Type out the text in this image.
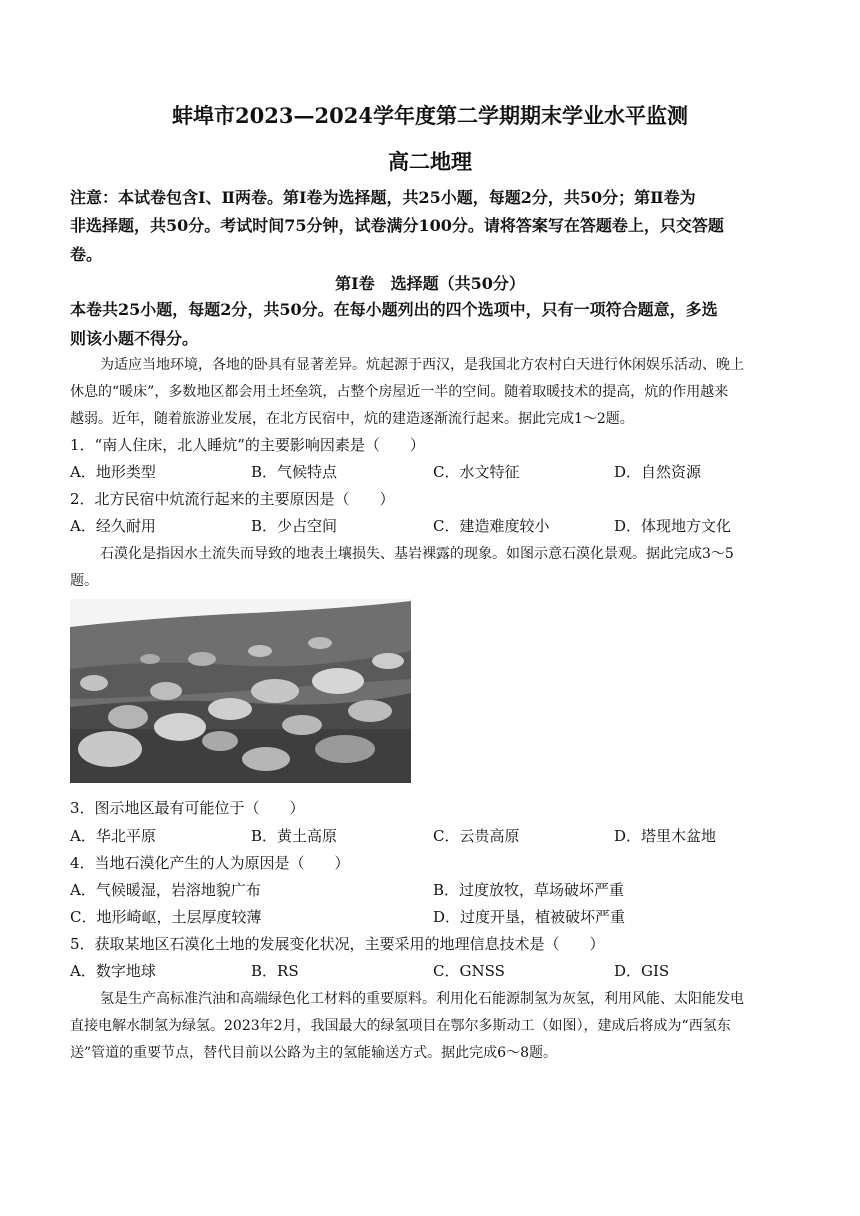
蚌埠市2023—2024学年度第二学期期末学业水平监测
高二地理
注意：本试卷包含Ⅰ、Ⅱ两卷。第Ⅰ卷为选择题，共25小题，每题2分，共50分；第Ⅱ卷为
非选择题，共50分。考试时间75分钟，试卷满分100分。请将答案写在答题卷上，只交答题
卷。
第Ⅰ卷　选择题（共50分）
本卷共25小题，每题2分，共50分。在每小题列出的四个选项中，只有一项符合题意，多选
则该小题不得分。
为适应当地环境，各地的卧具有显著差异。炕起源于西汉，是我国北方农村白天进行休闲娱乐活动、晚上
休息的“暖床”，多数地区都会用土坯垒筑，占整个房屋近一半的空间。随着取暖技术的提高，炕的作用越来
越弱。近年，随着旅游业发展，在北方民宿中，炕的建造逐渐流行起来。据此完成1～2题。
1．“南人住床，北人睡炕”的主要影响因素是（　　）
A．地形类型	B．气候特点	C．水文特征	D．自然资源
2．北方民宿中炕流行起来的主要原因是（　　）
A．经久耐用	B．少占空间	C．建造难度较小	D．体现地方文化
石漠化是指因水土流失而导致的地表土壤损失、基岩裸露的现象。如图示意石漠化景观。据此完成3～5
题。
3．图示地区最有可能位于（　　）
A．华北平原	B．黄土高原	C．云贵高原	D．塔里木盆地
4．当地石漠化产生的人为原因是（　　）
A．气候暖湿，岩溶地貌广布	B．过度放牧，草场破坏严重
C．地形崎岖，土层厚度较薄	D．过度开垦，植被破坏严重
5．获取某地区石漠化土地的发展变化状况，主要采用的地理信息技术是（　　）
A．数字地球	B．RS	C．GNSS	D．GIS
氢是生产高标准汽油和高端绿色化工材料的重要原料。利用化石能源制氢为灰氢，利用风能、太阳能发电
直接电解水制氢为绿氢。2023年2月，我国最大的绿氢项目在鄂尔多斯动工（如图），建成后将成为“西氢东
送”管道的重要节点，替代目前以公路为主的氢能输送方式。据此完成6～8题。
